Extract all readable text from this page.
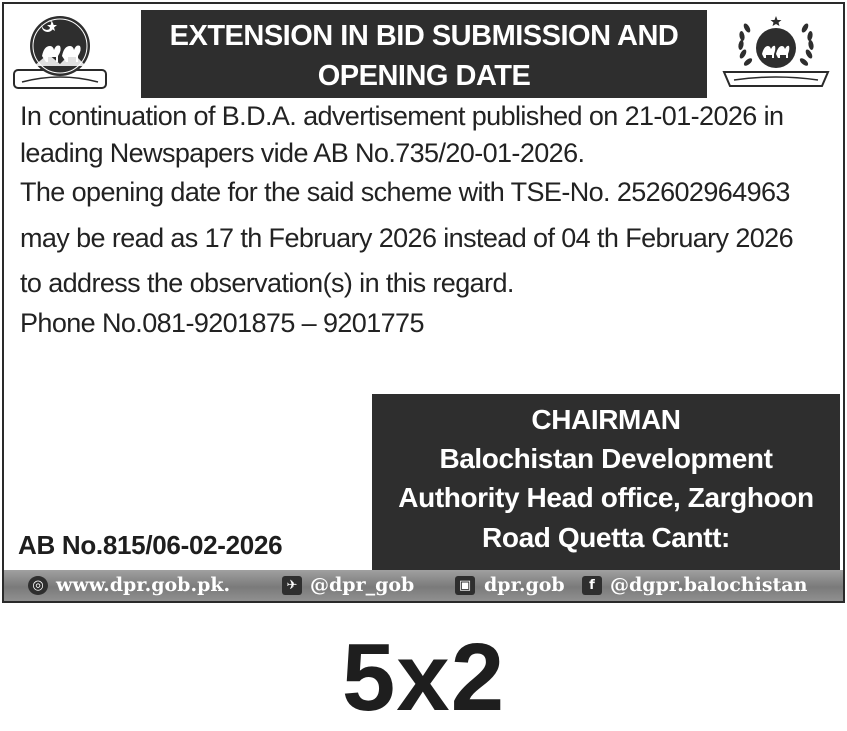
EXTENSION IN BID SUBMISSION AND
OPENING DATE
In continuation of B.D.A. advertisement published on 21-01-2026 in
leading Newspapers vide AB No.735/20-01-2026.
The opening date for the said scheme with TSE-No. 252602964963
may be read as 17 th February 2026 instead of 04 th February 2026
to address the observation(s) in this regard.
Phone No.081-9201875 – 9201775
CHAIRMAN
Balochistan Development
Authority Head office, Zarghoon
Road Quetta Cantt:
AB No.815/06-02-2026
◎ www.dpr.gob.pk.	✈ @dpr_gob	▣ dpr.gob	f @dgpr.balochistan
5x2
